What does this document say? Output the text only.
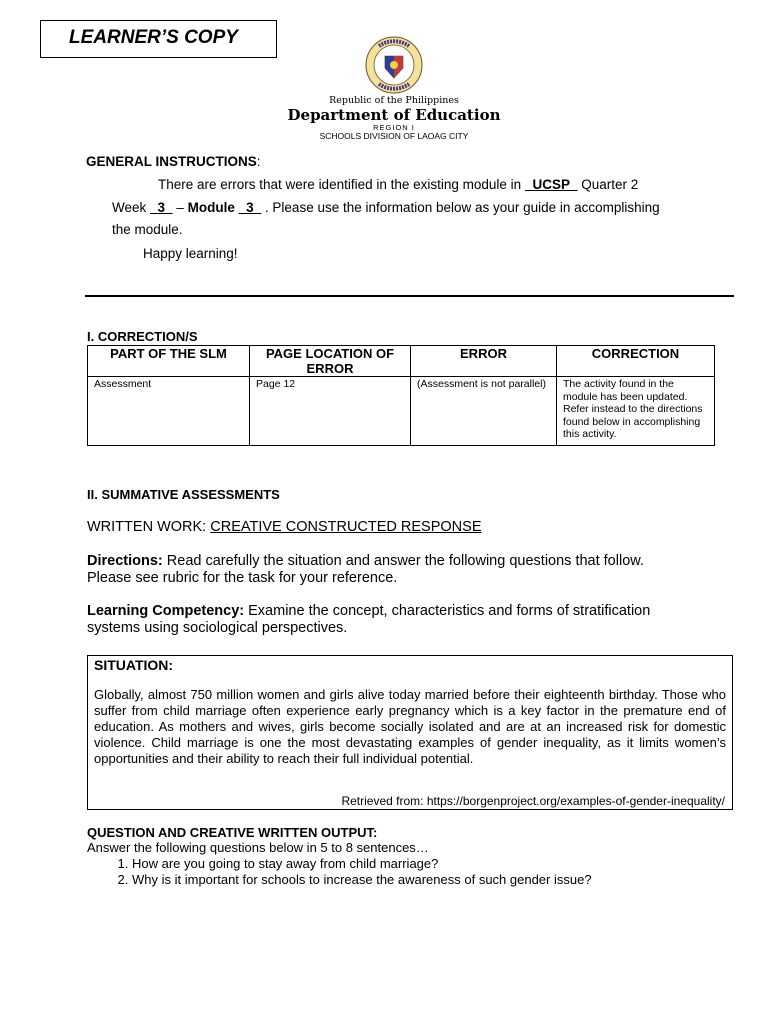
LEARNER’S COPY
Republic of the Philippines
Department of Education
REGION I
SCHOOLS DIVISION OF LAOAG CITY
GENERAL INSTRUCTIONS:
There are errors that were identified in the existing module in UCSP Quarter 2
Week 3   – Module 3 . Please use the information below as your guide in accomplishing
the module.
Happy learning!
I. CORRECTION/S
PART OF THE SLM	PAGE LOCATION OF ERROR	ERROR	CORRECTION
Assessment	Page 12	(Assessment is not parallel)	The activity found in the module has been updated. Refer instead to the directions found below in accomplishing this activity.
II. SUMMATIVE ASSESSMENTS
WRITTEN WORK: CREATIVE CONSTRUCTED RESPONSE
Directions: Read carefully the situation and answer the following questions that follow.
Please see rubric for the task for your reference.
Learning Competency: Examine the concept, characteristics and forms of stratification
systems using sociological perspectives.
SITUATION:
Globally, almost 750 million women and girls alive today married before their eighteenth birthday. Those who suffer from child marriage often experience early pregnancy which is a key factor in the premature end of education. As mothers and wives, girls become socially isolated and are at an increased risk for domestic violence. Child marriage is one the most devastating examples of gender inequality, as it limits women’s opportunities and their ability to reach their full individual potential.
Retrieved from: https://borgenproject.org/examples-of-gender-inequality/
QUESTION AND CREATIVE WRITTEN OUTPUT:
Answer the following questions below in 5 to 8 sentences…
1. How are you going to stay away from child marriage?
2. Why is it important for schools to increase the awareness of such gender issue?
